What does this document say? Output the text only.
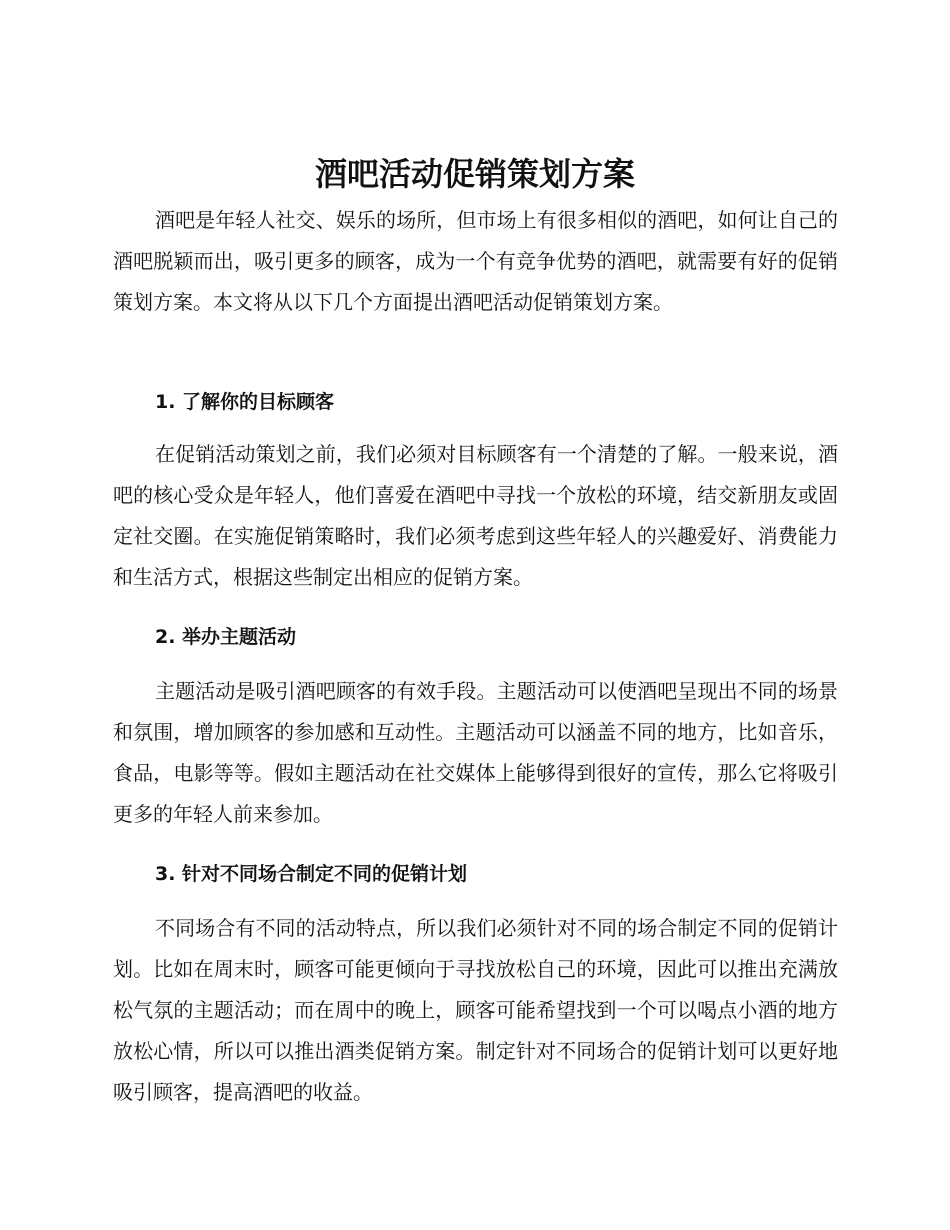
酒吧活动促销策划方案

酒吧是年轻人社交、娱乐的场所，但市场上有很多相似的酒吧，如何让自己的酒吧脱颖而出，吸引更多的顾客，成为一个有竞争优势的酒吧，就需要有好的促销策划方案。本文将从以下几个方面提出酒吧活动促销策划方案。

1. 了解你的目标顾客

在促销活动策划之前，我们必须对目标顾客有一个清楚的了解。一般来说，酒吧的核心受众是年轻人，他们喜爱在酒吧中寻找一个放松的环境，结交新朋友或固定社交圈。在实施促销策略时，我们必须考虑到这些年轻人的兴趣爱好、消费能力和生活方式，根据这些制定出相应的促销方案。

2. 举办主题活动

主题活动是吸引酒吧顾客的有效手段。主题活动可以使酒吧呈现出不同的场景和氛围，增加顾客的参加感和互动性。主题活动可以涵盖不同的地方，比如音乐，食品，电影等等。假如主题活动在社交媒体上能够得到很好的宣传，那么它将吸引更多的年轻人前来参加。

3. 针对不同场合制定不同的促销计划

不同场合有不同的活动特点，所以我们必须针对不同的场合制定不同的促销计划。比如在周末时，顾客可能更倾向于寻找放松自己的环境，因此可以推出充满放松气氛的主题活动；而在周中的晚上，顾客可能希望找到一个可以喝点小酒的地方放松心情，所以可以推出酒类促销方案。制定针对不同场合的促销计划可以更好地吸引顾客，提高酒吧的收益。
